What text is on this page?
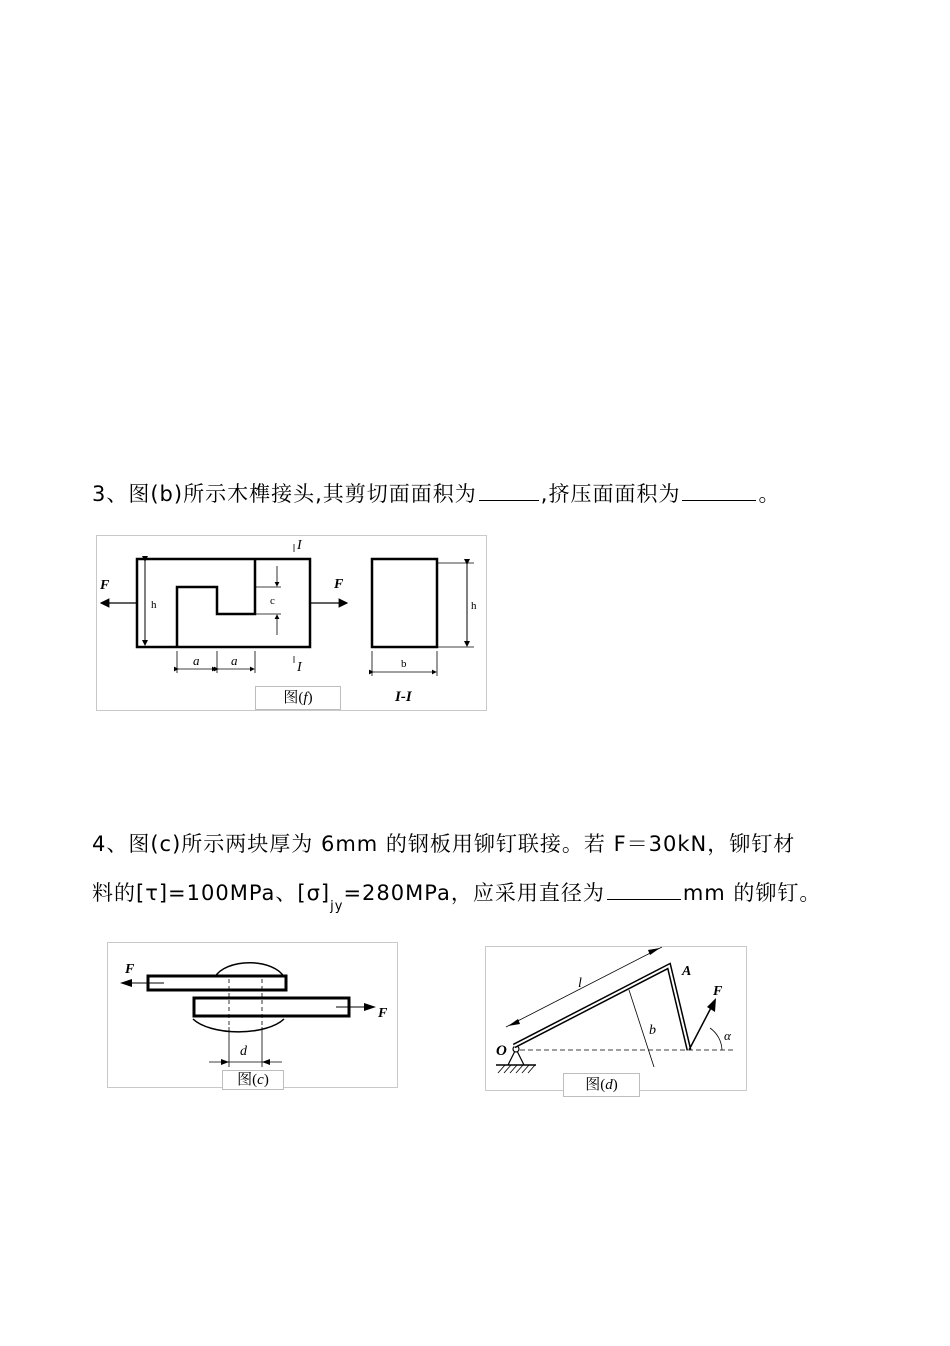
3、图(b)所示木榫接头,其剪切面面积为	,挤压面面积为	。
F	F
h	c
I
I
a a
h
b
I-I
图(f)
4、图(c)所示两块厚为 6mm 的钢板用铆钉联接。若 F＝30kN，铆钉材
料的[τ]=100MPa、$[\sigma]_{jy}=280MPa$，应采用直径为	mm 的铆钉。
F
F
d
图(c)
O
A
l
b
F
α
图(d)
